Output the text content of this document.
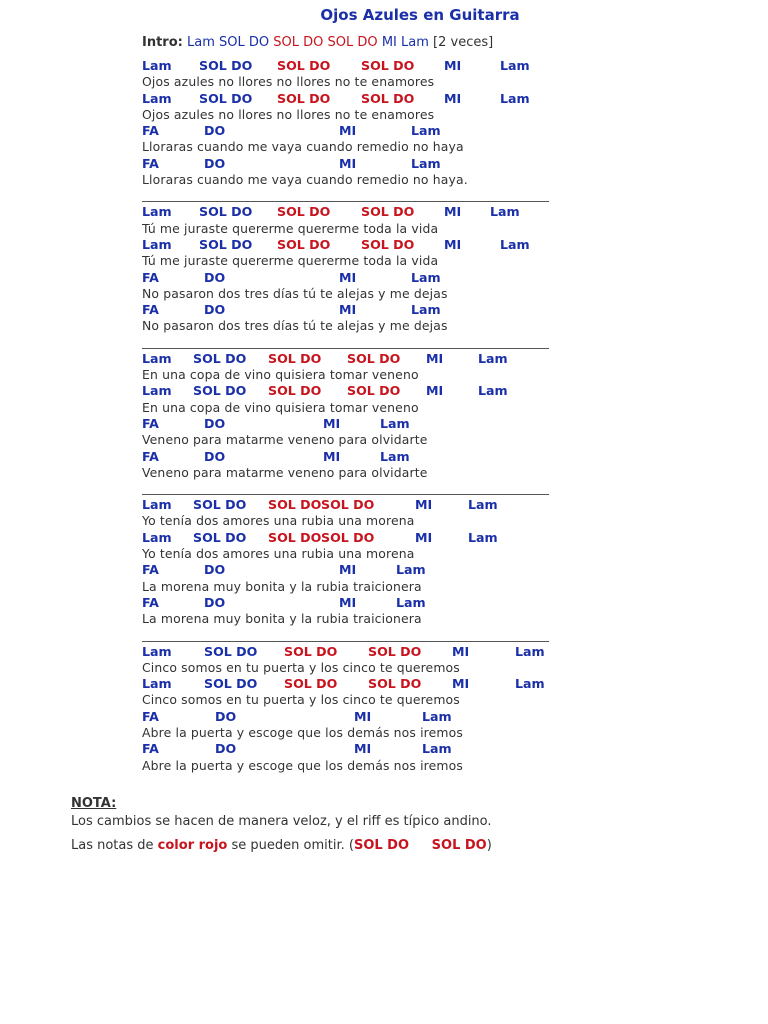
Ojos Azules en Guitarra
Intro: Lam SOL DO SOL DO SOL DO MI Lam [2 veces]
Lam SOL DO SOL DO SOL DO MI	Lam
Ojos azules no llores no llores no te enamores
Lam SOL DO SOL DO SOL DO MI	Lam
Ojos azules no llores no llores no te enamores
FA	DO	MI	Lam
Lloraras cuando me vaya cuando remedio no haya
FA	DO	MI	Lam
Lloraras cuando me vaya cuando remedio no haya.
Lam SOL DO SOL DO SOL DO MI Lam
Tú me juraste quererme quererme toda la vida
Lam SOL DO SOL DO SOL DO MI	Lam
Tú me juraste quererme quererme toda la vida
FA	DO	MI	Lam
No pasaron dos tres días tú te alejas y me dejas
FA	DO	MI	Lam
No pasaron dos tres días tú te alejas y me dejas
Lam SOL DO SOL DO SOL DO MI	Lam
En una copa de vino quisiera tomar veneno
Lam SOL DO SOL DO SOL DO MI	Lam
En una copa de vino quisiera tomar veneno
FA	DO	MI	Lam
Veneno para matarme veneno para olvidarte
FA	DO	MI	Lam
Veneno para matarme veneno para olvidarte
Lam SOL DO SOL DO SOL DO	MI	Lam
Yo tenía dos amores una rubia una morena
Lam SOL DO SOL DO SOL DO	MI	Lam
Yo tenía dos amores una rubia una morena
FA	DO	MI	Lam
La morena muy bonita y la rubia traicionera
FA	DO	MI	Lam
La morena muy bonita y la rubia traicionera
Lam	SOL DO SOL DO SOL DO MI	Lam
Cinco somos en tu puerta y los cinco te queremos
Lam	SOL DO SOL DO SOL DO MI	Lam
Cinco somos en tu puerta y los cinco te queremos
FA	DO	MI	Lam
Abre la puerta y escoge que los demás nos iremos
FA	DO	MI	Lam
Abre la puerta y escoge que los demás nos iremos
NOTA:

Los cambios se hacen de manera veloz, y el riff es típico andino.

Las notas de color rojo se pueden omitir. (SOL DO     SOL DO)
